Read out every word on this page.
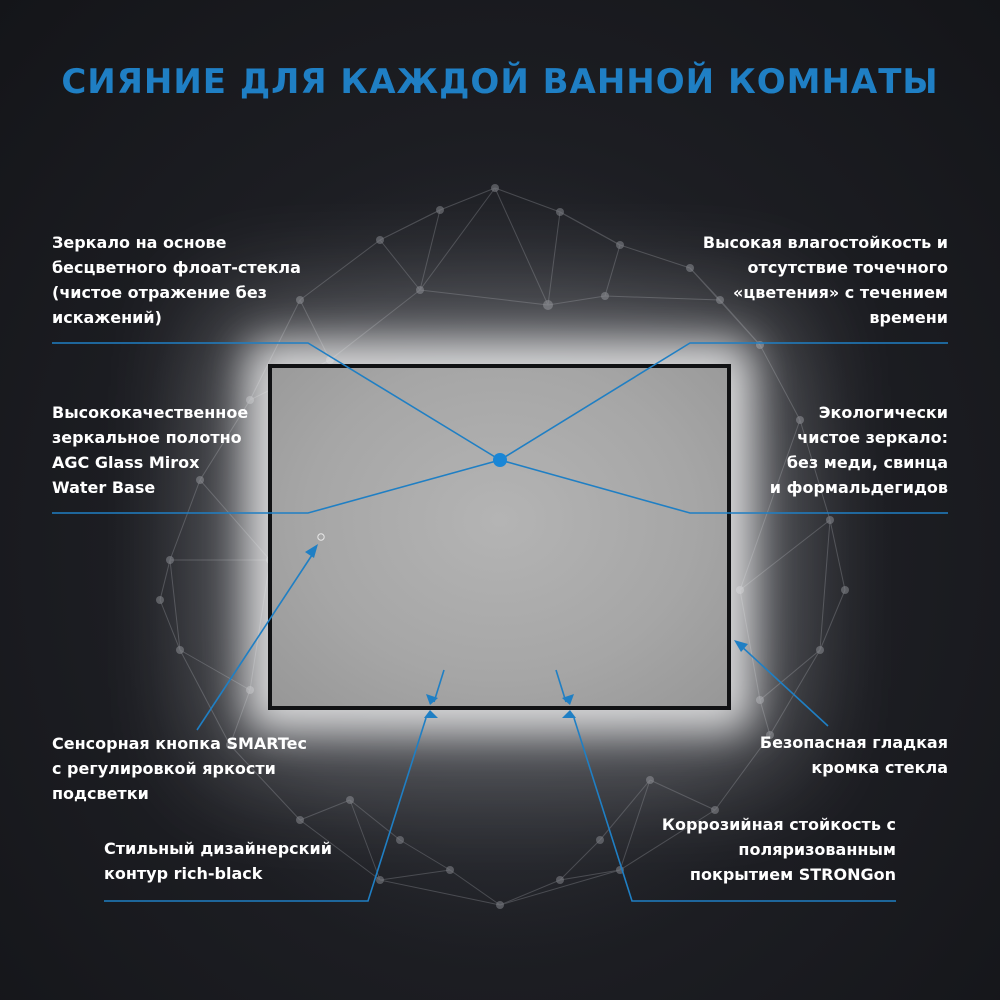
СИЯНИЕ ДЛЯ КАЖДОЙ ВАННОЙ КОМНАТЫ

Зеркало на основе
бесцветного флоат-стекла
(чистое отражение без
искажений)

Высокая влагостойкость и
отсутствие точечного
«цветения» с течением
времени

Высококачественное
зеркальное полотно
AGC Glass Mirox
Water Base

Экологически
чистое зеркало:
без меди, свинца
и формальдегидов

Сенсорная кнопка SMARTec
с регулировкой яркости
подсветки

Безопасная гладкая
кромка стекла

Стильный дизайнерский
контур rich-black

Коррозийная стойкость с
поляризованным
покрытием STRONGon
